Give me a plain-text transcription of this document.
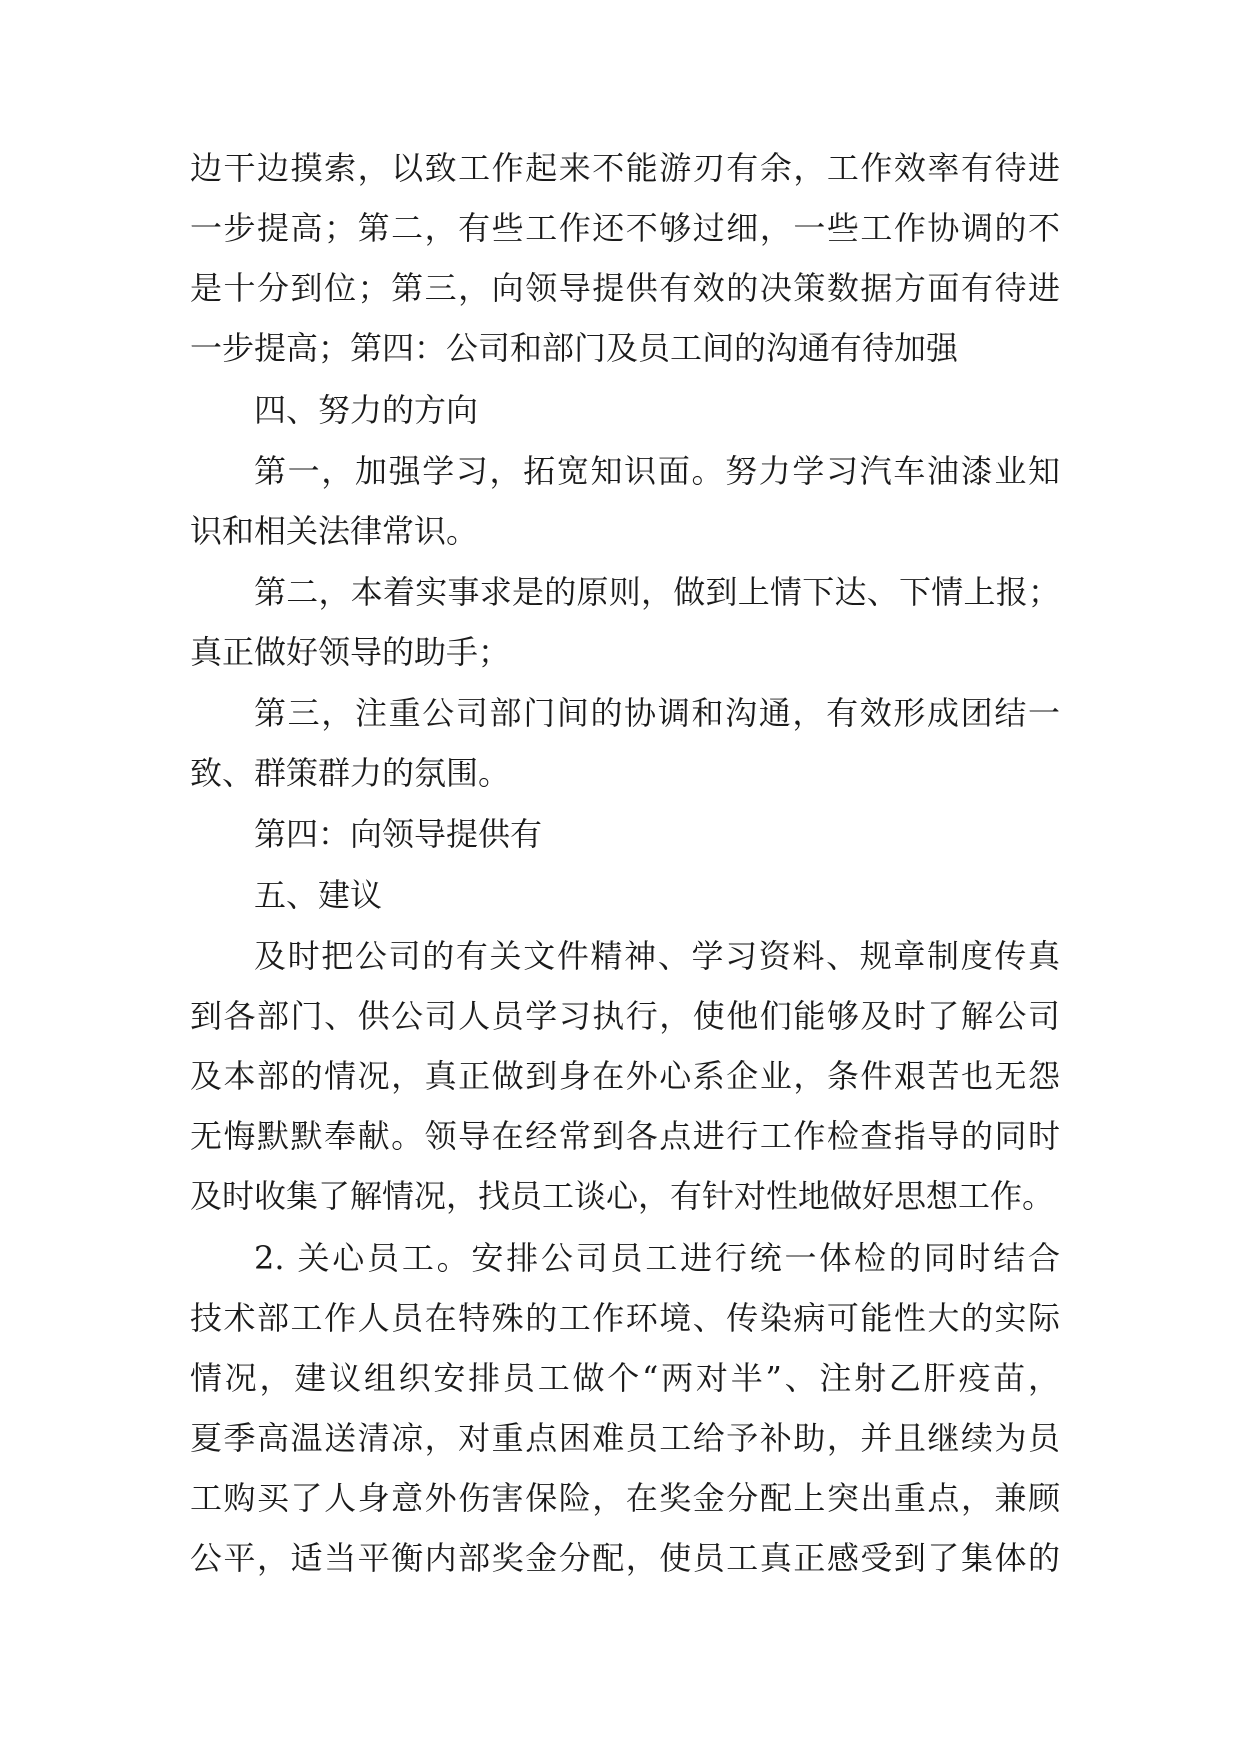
边干边摸索，以致工作起来不能游刃有余，工作效率有待进
一步提高；第二，有些工作还不够过细，一些工作协调的不
是十分到位；第三，向领导提供有效的决策数据方面有待进
一步提高；第四：公司和部门及员工间的沟通有待加强
四、努力的方向
第一，加强学习，拓宽知识面。努力学习汽车油漆业知
识和相关法律常识。
第二，本着实事求是的原则，做到上情下达、下情上报；
真正做好领导的助手；
第三，注重公司部门间的协调和沟通，有效形成团结一
致、群策群力的氛围。
第四：向领导提供有
五、建议
及时把公司的有关文件精神、学习资料、规章制度传真
到各部门、供公司人员学习执行，使他们能够及时了解公司
及本部的情况，真正做到身在外心系企业，条件艰苦也无怨
无悔默默奉献。领导在经常到各点进行工作检查指导的同时
及时收集了解情况，找员工谈心，有针对性地做好思想工作。
2. 关心员工。安排公司员工进行统一体检的同时结合
技术部工作人员在特殊的工作环境、传染病可能性大的实际
情况，建议组织安排员工做个“两对半”、注射乙肝疫苗，
夏季高温送清凉，对重点困难员工给予补助，并且继续为员
工购买了人身意外伤害保险，在奖金分配上突出重点，兼顾
公平，适当平衡内部奖金分配，使员工真正感受到了集体的
